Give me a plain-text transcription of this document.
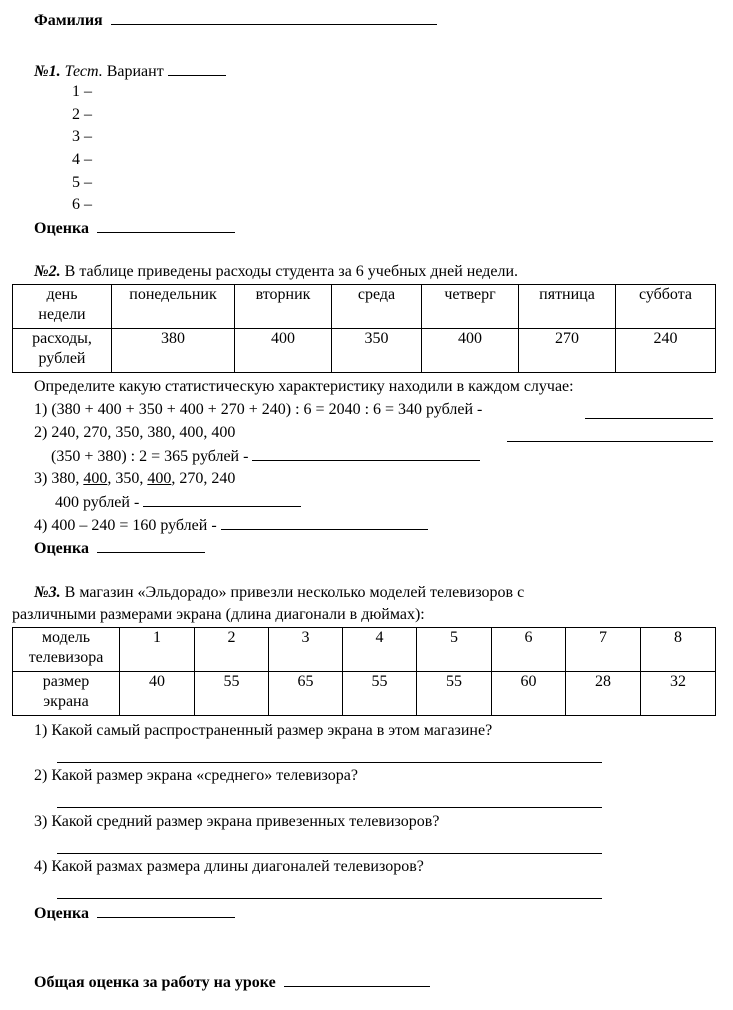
Фамилия
№1. Тест. Вариант
1 –
2 –
3 –
4 –
5 –
6 –
Оценка
№2. В таблице приведены расходы студента за 6 учебных дней недели.
день
недели	понедельник	вторник	среда	четверг	пятница	суббота
расходы,
рублей	380	400	350	400	270	240
Определите какую статистическую характеристику находили в каждом случае:
1) (380 + 400 + 350 + 400 + 270 + 240) : 6 = 2040 : 6 = 340 рублей -
2) 240, 270, 350, 380, 400, 400
(350 + 380) : 2 = 365 рублей -
3) 380, 400, 350, 400, 270, 240
400 рублей -
4) 400 – 240 = 160 рублей -
Оценка
№3. В магазин «Эльдорадо» привезли несколько моделей телевизоров с
различными размерами экрана (длина диагонали в дюймах):
модель
телевизора	1	2	3	4	5	6	7	8
размер
экрана	40	55	65	55	55	60	28	32
1) Какой самый распространенный размер экрана в этом магазине?
2) Какой размер экрана «среднего» телевизора?
3) Какой средний размер экрана привезенных телевизоров?
4) Какой размах размера длины диагоналей телевизоров?
Оценка
Общая оценка за работу на уроке
